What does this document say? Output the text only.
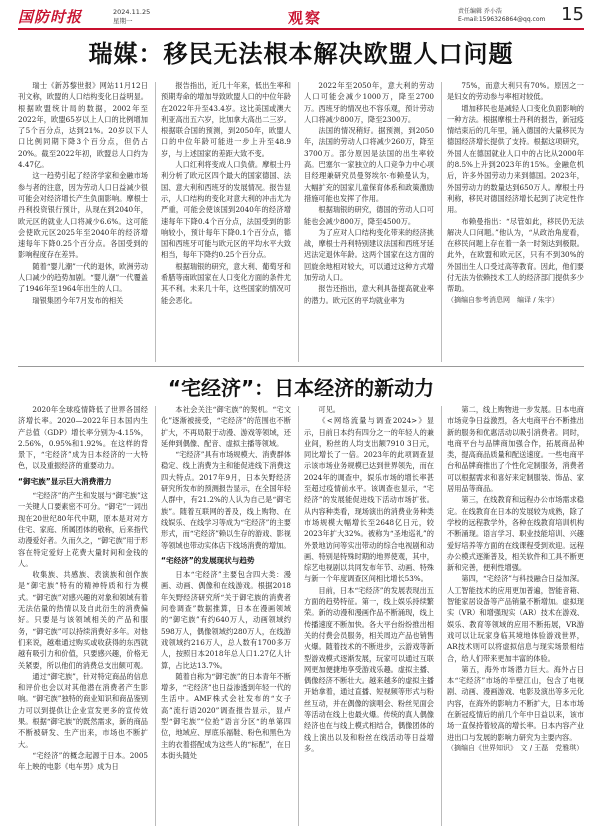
国防时报	2024.11.25
星期一	观察	责任编辑 乔小浩
E-mail:1596326864@qq.com 15
瑞媒：移民无法根本解决欧盟人口问题

瑞士《新苏黎世报》网站11月12日刊文称，欧盟的人口结构变化日益明显。根据欧盟统计局的数据，2002年至2022年，欧盟65岁以上人口的比例增加了5个百分点，达到21%。20岁以下人口比例同期下降3个百分点，但仍占20%。截至2022年初，欧盟总人口约为4.47亿。

这一趋势引起了经济学家和金融市场参与者的注意，因为劳动人口日益减少很可能会对经济增长产生负面影响。摩根士丹利投资银行预计，从现在到2040年，欧元区的就业人口将减少6.6%。这可能会使欧元区2025年至2040年的经济增速每年下降0.25个百分点。各国受到的影响程度存在差异。

随着“婴儿潮”一代的退休，欧洲劳动人口减少的趋势加剧。“婴儿潮”一代覆盖了1946年至1964年出生的人口。

瑞银集团今年7月发布的相关

报告指出，近几十年来，低出生率和预期寿命的增加导致欧盟人口的中位年龄在2022年升至43.4岁。这比美国或澳大利亚高出五六岁，比加拿大高出二三岁。根据联合国的预测，到2050年，欧盟人口的中位年龄可能进一步上升至48.9岁，与上述国家的差距大致不变。

人口红利将变成人口负债。摩根士丹利分析了欧元区四个最大的国家德国、法国、意大利和西班牙的发展情况。报告显示，人口结构的变化对意大利的冲击尤为严重，可能会使该国到2040年的经济增速每年下降0.4个百分点，法国受到的影响较小，预计每年下降0.1个百分点，德国和西班牙可能与欧元区的平均水平大致相当，每年下降约0.25个百分点。

根据瑞银的研究，意大利、葡萄牙和希腊等南欧国家在人口变化方面的条件尤其不利。未来几十年，这些国家的情况可能会恶化。

2022年至2050年，意大利的劳动人口可能会减少1000万，降至2700万。西班牙的情况也不容乐观，预计劳动人口将减少800万，降至2300万。

法国的情况稍好。据预测，到2050年，法国的劳动人口将减少260万，降至3700万。部分原因是法国的出生率较高。巴塞尔一家独立的人口竞争力中心项目经理兼研究员曼努埃尔·布赖曼认为，大幅扩充的国家儿童保育体系和政策激励措施可能也发挥了作用。

根据瑞银的研究，德国的劳动人口可能也会减少800万，降至4500万。

为了应对人口结构变化带来的经济挑战，摩根士丹利特别建议法国和西班牙延迟法定退休年龄。这两个国家在这方面的回旋余地相对较大，可以通过这种方式增加劳动人口。

报告还指出，意大利具备提高就业率的潜力。欧元区的平均就业率为

75%，而意大利只有70%。原因之一是妇女的劳动参与率相对较低。

增加移民也是减轻人口变化负面影响的一种方法。根据摩根士丹利的报告，新冠疫情结束后的几年里，涌入德国的大量移民为德国经济增长提供了支持。根据这项研究，外国人在德国就业人口中的占比从2000年的8.5%上升到2023年的15%。金融危机后，许多外国劳动力来到德国。2023年，外国劳动力的数量达到650万人。摩根士丹利称，移民对德国经济增长起到了决定性作用。

布赖曼指出：“尽管如此，移民仍无法解决人口问题。”他认为，“从政治角度看，在移民问题上存在着一条一时刻达到极限。此外，在欧盟和欧元区，只有不到30%的外国出生人口受过高等教育。因此，他们要付无法为依赖技术工人的经济部门提供多少帮助。

（摘编自参考消息网　编译 / 朱宇）

“宅经济”：日本经济的新动力

2020年全球疫情降低了世界各国经济增长率。2020—2022年日本国内生产总值（GDP）增长率分别为-4.15%，2.56%，0.95%和1.92%。在这样的背景下，“宅经济”成为日本经济的一大特色，以及重振经济的重要动力。

“御宅族”显示巨大消费潜力

“宅经济”的产生和发展与“御宅族”这一关键人口要素密不可分。“御宅”一词出现在20世纪80年代中期，原本是对对方住宅、家庭、所属团体的敬称，后来指代动漫爱好者。久而久之，“御宅族”用于形容在特定爱好上花费大量时间和金钱的人。

收集族、共感族、表演族和创作族是“御宅族”特有的精神特质和行为模式。“御宅族”对感兴趣的对象和领域有着无法估量的热情以及自此衍生的消费偏好。只要是与该领域相关的产品和服务，“御宅族”可以持续消费好多年。对他们来说，越难通过购买或收获得的东西就越有吸引力和价值，只要感兴趣，价格无关紧要，所以他们的消费总支出颇可观。

通过“御宅族”，针对特定商品的信息和评价也会以对其他潜在消费者产生影响。“御宅族”独特的商业知识和商品鉴别力可以到提供让企业宣发更多的宣传效果。根据“御宅族”的既然需求，新的商品不断被研发、生产出来，市场也不断扩大。

“宅经济”的概念起源于日本。2005年上映的电影《电车男》成为日

本社会关注“御宅族”的契机。“宅文化”逐渐被接受，“宅经济”的范围也不断扩大，不再局限于动漫、游戏等领域，还延伸到偶像、配音、虚拟主播等领域。

“宅经济”具有市场规模大、消费群体稳定、线上消费为主和能促进线下消费这四大特点。2017年9月，日本矢野经济研究所发布的预测报告显示，在全国年轻人群中，有21.2%的人认为自己是“御宅族”。随着互联网的普及，线上购物、在线娱乐、在线学习等成为“宅经济”的主要形式，而“宅经济”赖以生存的游戏、影视等领域也带动实体店下线场消费的增加。

“宅经济”的发展现状与趋势

日本“宅经济”主要包含四大类：漫画、动画、偶像和在线游戏。根据2018年矢野经济研究所“关于御宅族的消费者问卷调查”数据推算，日本在漫画领域的“御宅族”有约640万人，动画领域约598万人，偶像领域约280万人，在线游戏领域约216万人，总人数有1700多万人，按照日本2018年总人口1.27亿人计算，占比达13.7%。

随着自称为“御宅族”的日本青年不断增多，“宅经济”也日益渗透到年轻一代的生活中。AMF株式会社发布的“女子高”流行语2020”调查报告显示，显卢型“御宅族”“位抢”语言分区“的单第四位，地域应、厚底乐福鞋、粉色和黑色为主的衣着搭配成为这些人的“标配”，在日本街头随处

可见。

《<网络流量与调查2024>》显示，日前日本约有四分之一的年轻人的兼业间，粉丝的人均支出额7910 3日元，同比增长了一倍。2023年的此项调查显示该市场业务规模已达到世界领先，而在2024年的调查中，娱乐市场的增长率甚至超过疫情前水平。该调查也显示，“宅经济”的发展能促进线下活动市场扩张。从内容种类看，现场演出的消费业务种类市场规模大幅增长至2648亿日元，较2023年扩大32%。被称为“圣地巡礼”的外景地访问等实出带动的综合电视剧和动画、特别是特殊时期的地界使观，其中，综艺电视剧以共同发布年节、动画、特殊与新一个年度调查区间相比增长53%。

目前，日本“宅经济”的发展表现出五方面的趋势特征。第一，线上娱乐持续繁荣。新的动漫和漫画作品不断涌现，线上传播速度不断加快。各大平台纷纷推出相关的付费会员服务，相关周边产品也销售火爆。随着技术的不断进步，云游戏等新型游戏模式逐渐发展，玩家可以通过互联网更加便捷地享受游戏乐趣。虚拟主播、偶像经济不断壮大。越来越多的虚拟主播开始拿着，通过直播、短视频等形式与粉丝互动，并在偶像的演唱会、粉丝见面会等活动在线上也最火爆。传统的真人偶像经济也在与线上模式相结合，偶像团体的线上演出以及和粉丝在线活动等日益增多。

第二，线上购物进一步发展。日本电商市场竞争日益激烈，各大电商平台不断推出新的服务和优惠活动以吸引消费者。同时，电商平台与品牌商加强合作，拓展商品种类，提高商品质量和配送速度。一些电商平台和品牌商推出了个性化定制服务，消费者可以根据需求和喜好来定制服装、饰品、家居用品等商品。

第三，在线教育和远程办公市场需求稳定。在线教育在日本的发展较为成熟，除了学校的远程教学外，各种在线教育培训机构不断涌现。语言学习、职业技能培训、兴趣爱好培养等方面的在线课程受到欢迎。远程办公模式逐渐普及，相关软件和工具不断更新和完善，便利性增强。

第四，“宅经济”与科技融合日益加深。人工智能技术的应用更加普遍，智能音箱、智能家居设备等产品销量不断增加。虚拟现实（VR）和增强现实（AR）技术在游戏、娱乐、教育等领域的应用不断拓展，VR游戏可以让玩家身临其境地体验游戏世界，AR技术则可以将虚拟信息与现实场景相结合，给人们带来更加丰富的体验。

第五，海外市场潜力巨大。海外占日本“宅经济”市场的半壁江山，包含了电视剧、动画、漫画游戏、电影及演出等多元化内容，在海外的影响力不断扩大，日本市场在新冠疫情后的前几个年中日益以来，该市场一直保持着较高的增长率。日本内容产业进出口与发展的影响力研究为主要内容。

（摘编自《世界知识》　文 / 王磊　党雅琪）
